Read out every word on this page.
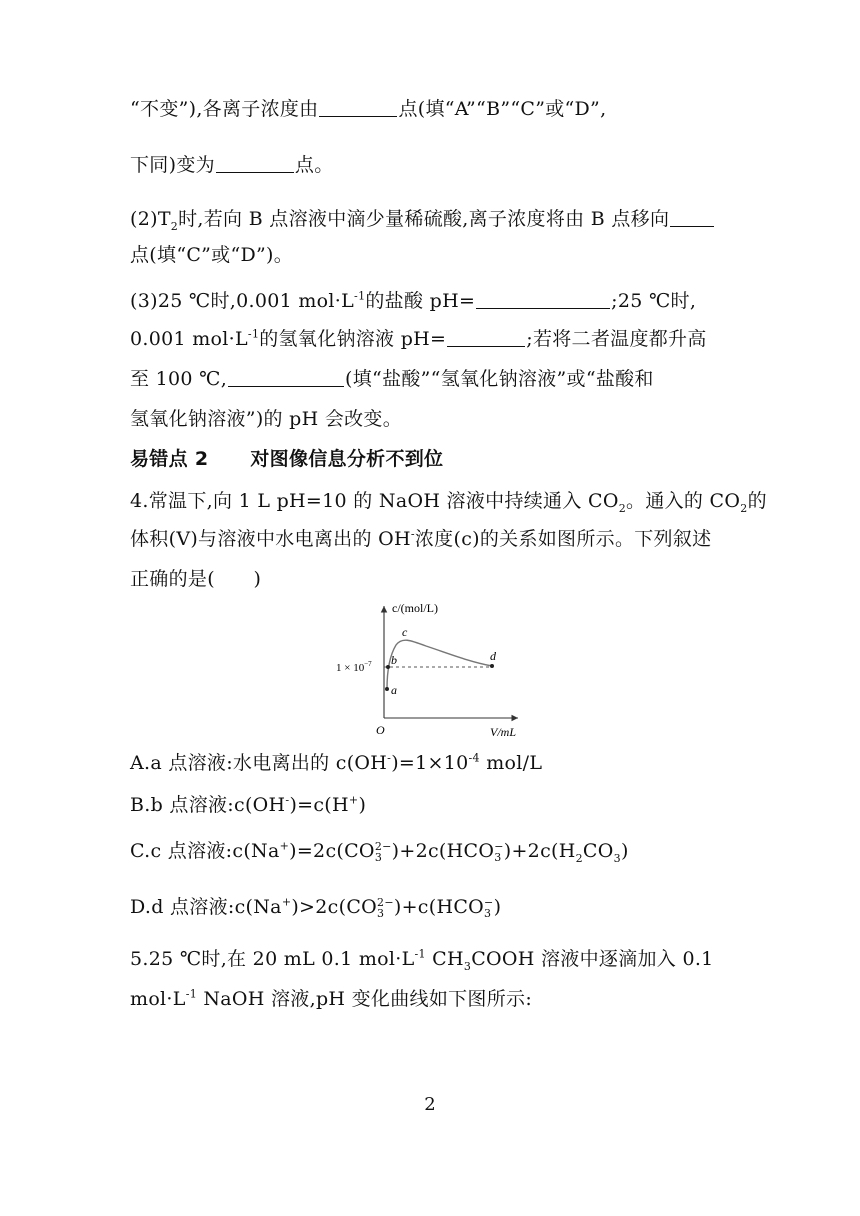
“不变”),各离子浓度由	点(填“A”“B”“C”或“D”,
下同)变为	点。
$(2)T_2$时,若向 B 点溶液中滴少量稀硫酸,离子浓度将由 B 点移向
点(填“C”或“D”)。
(3)25 ℃时,0.001 $mol\cdot L^{-1}$的盐酸 pH=	;25 ℃时,
0.001 $mol\cdot L^{-1}$的氢氧化钠溶液 pH=	;若将二者温度都升高
至 100 ℃,	(填“盐酸”“氢氧化钠溶液”或“盐酸和
氢氧化钠溶液”)的 pH 会改变。
易错点 2 对图像信息分析不到位
4.常温下,向 1 L pH=10 的 NaOH 溶液中持续通入 $CO_2$。通入的 $CO_2$的
体积(V)与溶液中水电离出的 OH-浓度(c)的关系如图所示。下列叙述
正确的是(　　)
c/(mol/L)
V/mL
O
$1 \times 10^{-7}$
a
b
c
d
A.a 点溶液:水电离出的 $c(OH^-)=1\times 10^{-4}$ mol/L
B.b 点溶液:c(OH-)=c(H+)
C.c 点溶液:c(Na+)=2c(CO 2−
3 )+2c(HCO −
3 )$+2c(H_2CO_3)$
D.d 点溶液:c(Na+)>2c(CO 2−
3 )+c(HCO −
3 )
5.25 ℃时,在 20 mL 0.1 $mol\cdot L^{-1}$ $CH_3COOH$ 溶液中逐滴加入 0.1
$mol\cdot L^{-1}$ NaOH 溶液,pH 变化曲线如下图所示:
2
